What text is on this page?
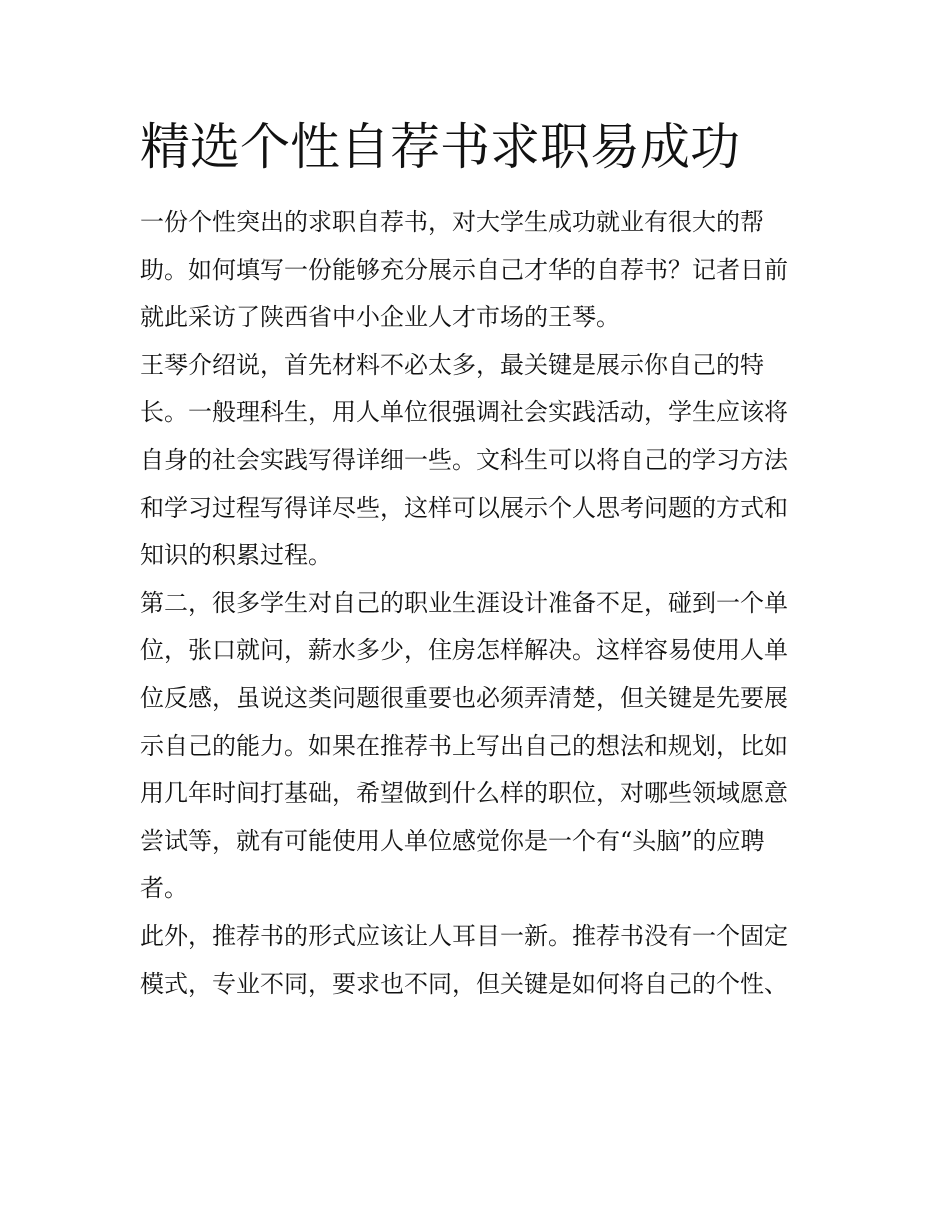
精选个性自荐书求职易成功
一份个性突出的求职自荐书，对大学生成功就业有很大的帮
助。如何填写一份能够充分展示自己才华的自荐书？记者日前
就此采访了陕西省中小企业人才市场的王琴。
王琴介绍说，首先材料不必太多，最关键是展示你自己的特
长。一般理科生，用人单位很强调社会实践活动，学生应该将
自身的社会实践写得详细一些。文科生可以将自己的学习方法
和学习过程写得详尽些，这样可以展示个人思考问题的方式和
知识的积累过程。
第二，很多学生对自己的职业生涯设计准备不足，碰到一个单
位，张口就问，薪水多少，住房怎样解决。这样容易使用人单
位反感，虽说这类问题很重要也必须弄清楚，但关键是先要展
示自己的能力。如果在推荐书上写出自己的想法和规划，比如
用几年时间打基础，希望做到什么样的职位，对哪些领域愿意
尝试等，就有可能使用人单位感觉你是一个有“头脑”的应聘
者。
此外，推荐书的形式应该让人耳目一新。推荐书没有一个固定
模式，专业不同，要求也不同，但关键是如何将自己的个性、
